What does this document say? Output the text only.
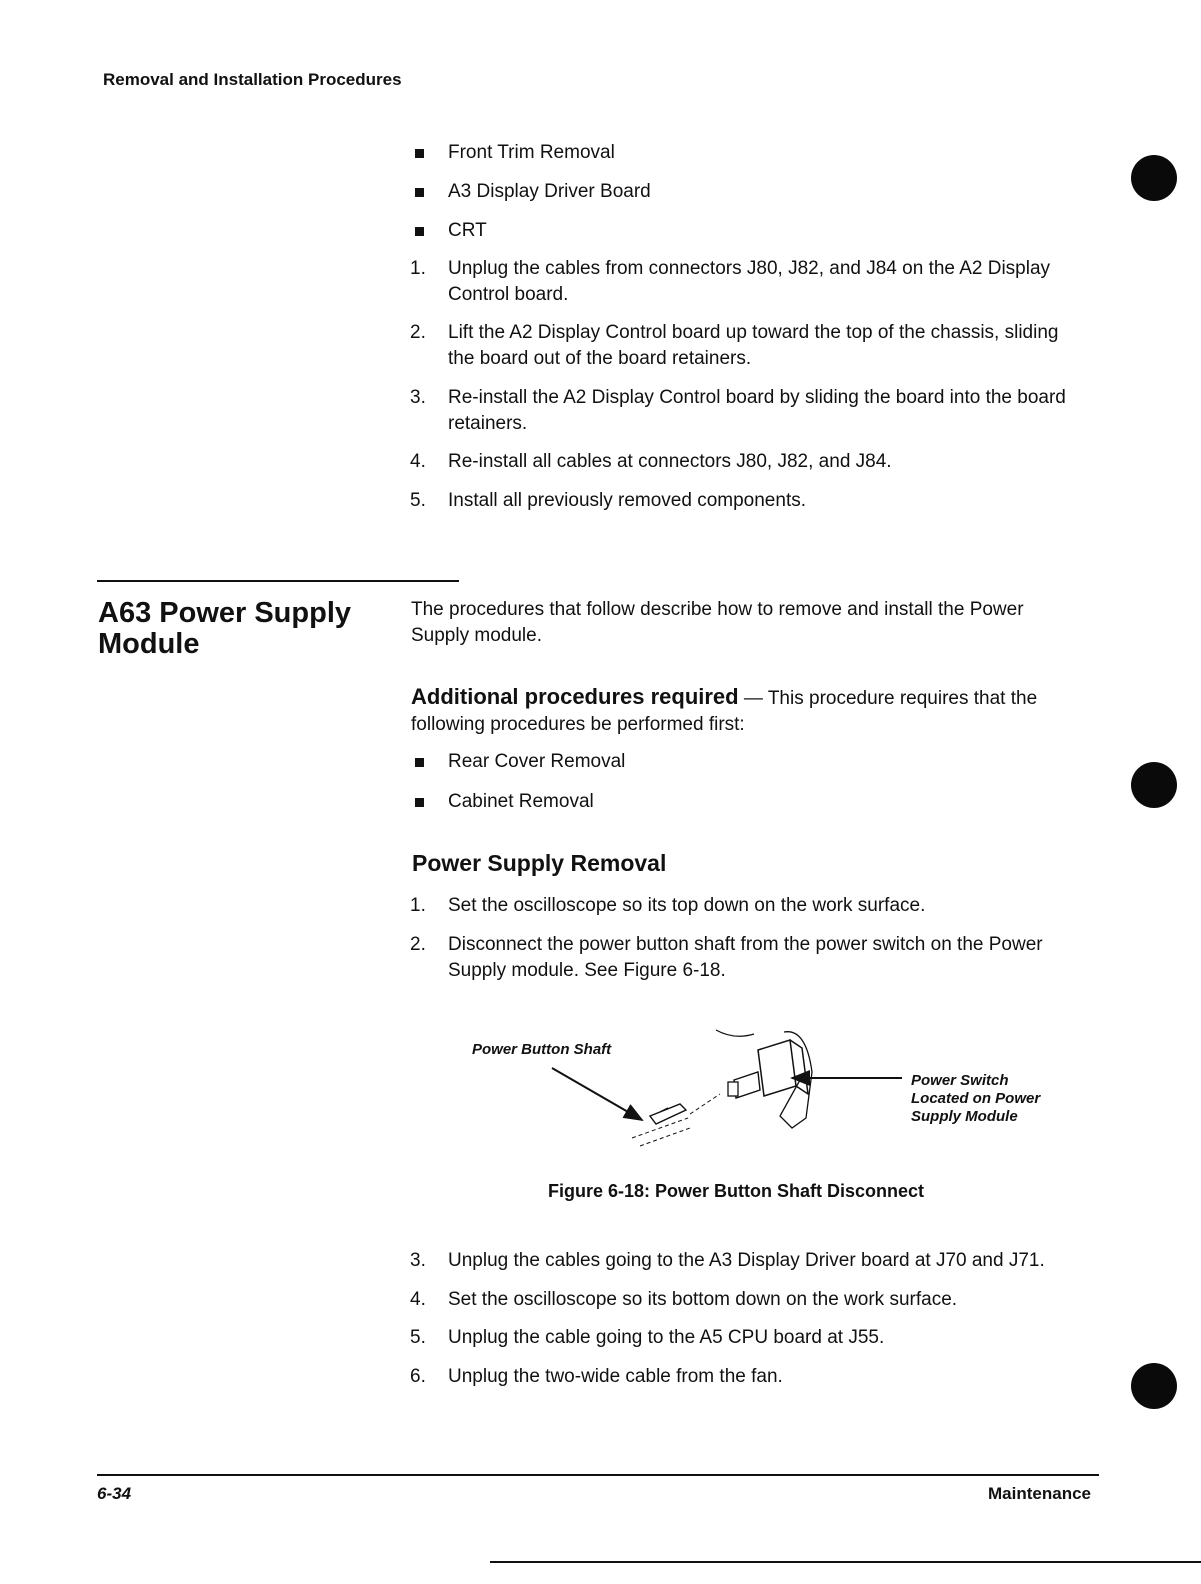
Removal and Installation Procedures
Front Trim Removal
A3 Display Driver Board
CRT
1.	Unplug the cables from connectors J80, J82, and J84 on the A2 Display Control board.
2.	Lift the A2 Display Control board up toward the top of the chassis, sliding the board out of the board retainers.
3.	Re-install the A2 Display Control board by sliding the board into the board retainers.
4.	Re-install all cables at connectors J80, J82, and J84.
5.	Install all previously removed components.
A63 Power Supply Module
The procedures that follow describe how to remove and install the Power Supply module.
Additional procedures required — This procedure requires that the following procedures be performed first:
Rear Cover Removal
Cabinet Removal
Power Supply Removal
1.	Set the oscilloscope so its top down on the work surface.
2.	Disconnect the power button shaft from the power switch on the Power Supply module. See Figure 6-18.
Power Button Shaft
Power Switch
Located on Power
Supply Module
Figure 6-18: Power Button Shaft Disconnect
3.	Unplug the cables going to the A3 Display Driver board at J70 and J71.
4.	Set the oscilloscope so its bottom down on the work surface.
5.	Unplug the cable going to the A5 CPU board at J55.
6.	Unplug the two-wide cable from the fan.
6-34	Maintenance
